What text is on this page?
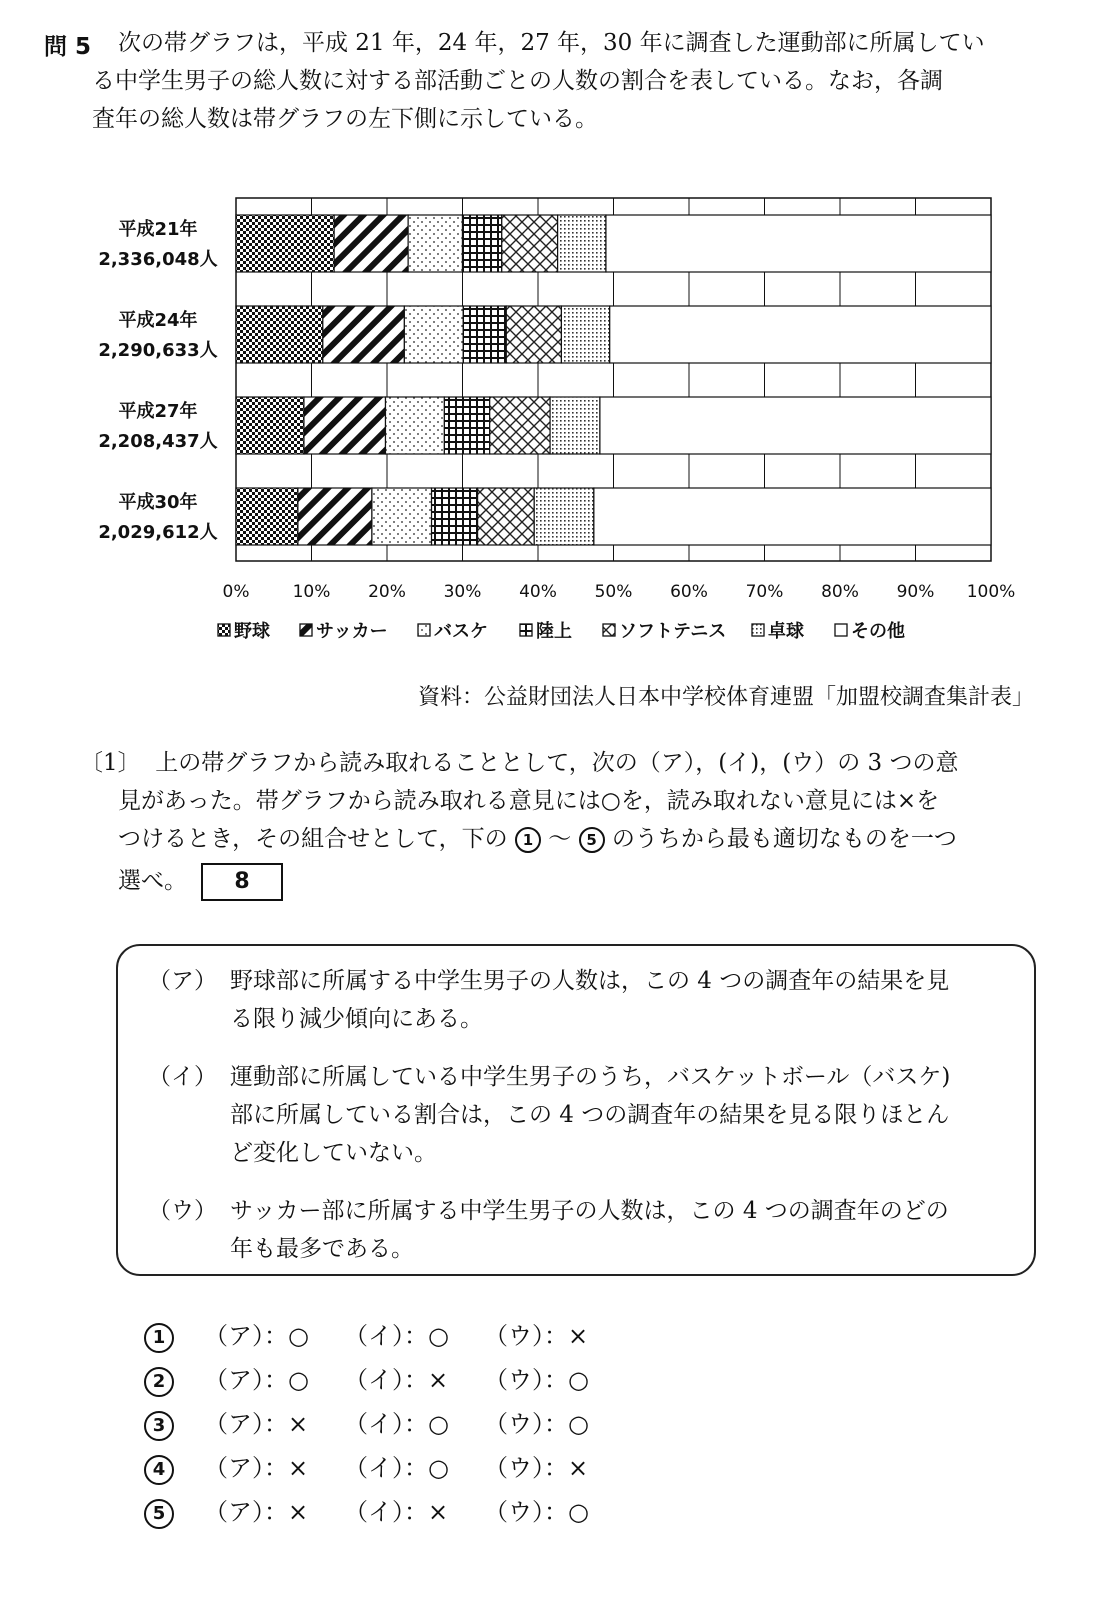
問 5 次の帯グラフは，平成 21 年，24 年，27 年，30 年に調査した運動部に所属してい
る中学生男子の総人数に対する部活動ごとの人数の割合を表している。なお，各調
査年の総人数は帯グラフの左下側に示している。
平成21年
2,336,048人
平成24年
2,290,633人
平成27年
2,208,437人
平成30年
2,029,612人
0%	10% 20% 30% 40% 50% 60% 70% 80% 90% 100%
野球	サッカー	バスケ	陸上	ソフトテニス 卓球	その他
資料：公益財団法人日本中学校体育連盟「加盟校調査集計表」
〔1〕 上の帯グラフから読み取れることとして，次の（ア），(イ)，(ウ）の 3 つの意
見があった。帯グラフから読み取れる意見には○を，読み取れない意見には×を
つけるとき，その組合せとして，下の 1 ～ 5 のうちから最も適切なものを一つ
選べ。 8
（ア） 野球部に所属する中学生男子の人数は，この 4 つの調査年の結果を見
る限り減少傾向にある。
（イ） 運動部に所属している中学生男子のうち，バスケットボール（バスケ)
部に所属している割合は，この 4 つの調査年の結果を見る限りほとん
ど変化していない。
（ウ） サッカー部に所属する中学生男子の人数は，この 4 つの調査年のどの
年も最多である。
1 （ア）：○ （イ）：○ （ウ）：×
2 （ア）：○ （イ）：× （ウ）：○
3 （ア）：× （イ）：○ （ウ）：○
4 （ア）：× （イ）：○ （ウ）：×
5 （ア）：× （イ）：× （ウ）：○
